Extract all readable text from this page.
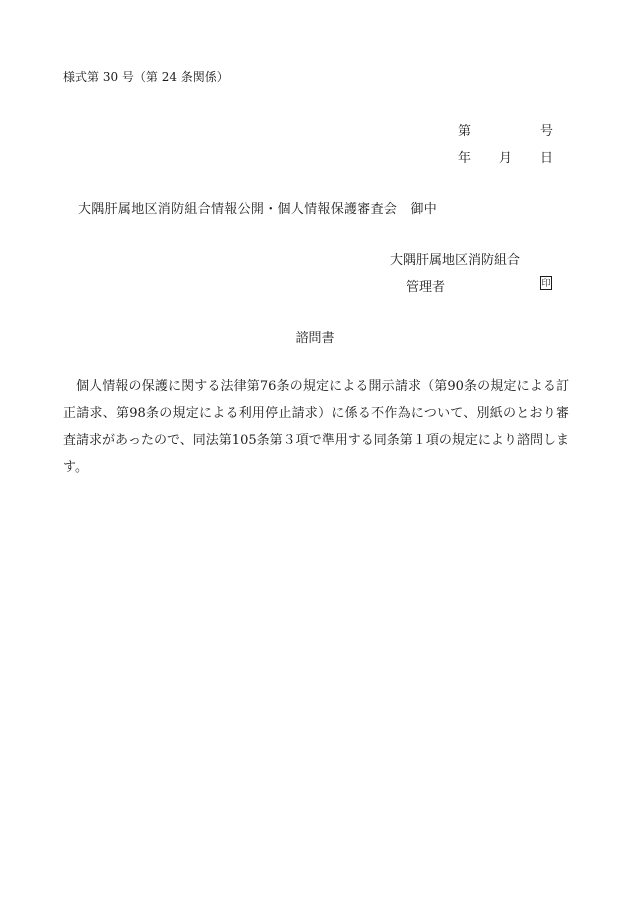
様式第 30 号（第 24 条関係）
第	号
年 月 日
大隅肝属地区消防組合情報公開・個人情報保護審査会　御中
大隅肝属地区消防組合
管理者	印
諮問書

個人情報の保護に関する法律第76条の規定による開示請求（第90条の規定による訂正請求、第98条の規定による利用停止請求）に係る不作為について、別紙のとおり審査請求があったので、同法第105条第３項で準用する同条第１項の規定により諮問します。
